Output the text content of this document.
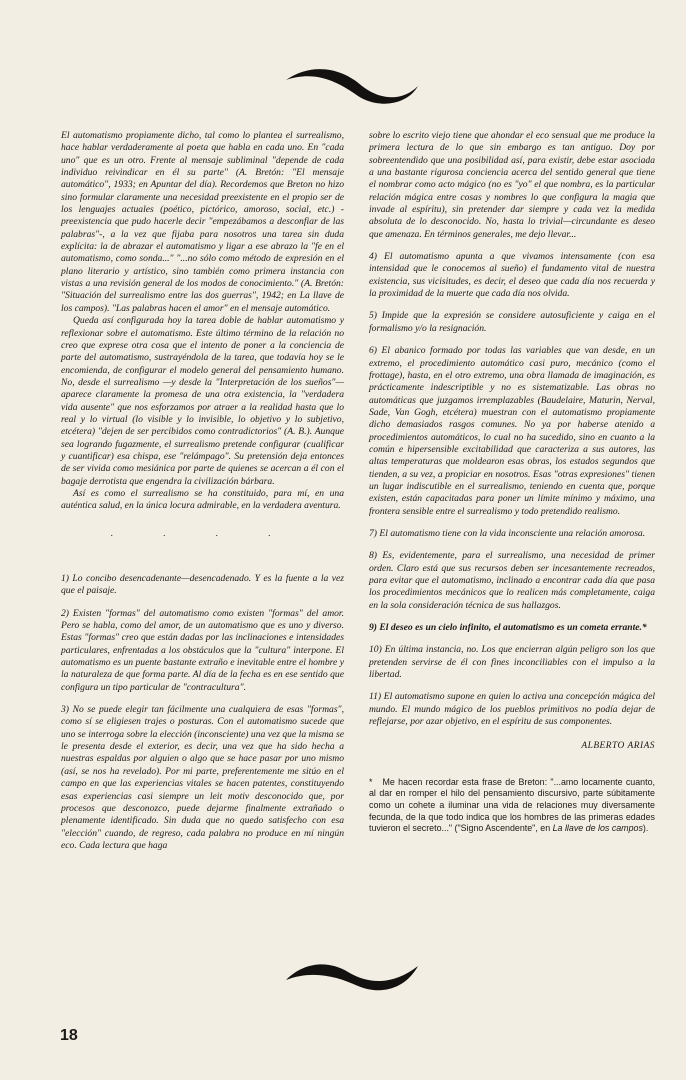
El automatismo propiamente dicho, tal como lo plantea el surrealismo, hace hablar verdaderamente al poeta que habla en cada uno. En "cada uno" que es un otro. Frente al mensaje subliminal "depende de cada individuo reivindicar en él su parte" (A. Bretón: "El mensaje automático", 1933; en Apuntar del día). Recordemos que Breton no hizo sino formular claramente una necesidad preexistente en el propio ser de los lenguajes actuales (poético, pictórico, amoroso, social, etc.) -preexistencia que pudo hacerle decir "empezábamos a desconfiar de las palabras"-, a la vez que fijaba para nosotros una tarea sin duda explícita: la de abrazar el automatismo y ligar a ese abrazo la "fe en el automatismo, como sonda..." "...no sólo como método de expresión en el plano literario y artístico, sino también como primera instancia con vistas a una revisión general de los modos de conocimiento." (A. Bretón: "Situación del surrealismo entre las dos guerras", 1942; en La llave de los campos). "Las palabras hacen el amor" en el mensaje automático.

Queda así configurada hoy la tarea doble de hablar automatismo y reflexionar sobre el automatismo. Este último término de la relación no creo que exprese otra cosa que el intento de poner a la conciencia de parte del automatismo, sustrayéndola de la tarea, que todavía hoy se le encomienda, de configurar el modelo general del pensamiento humano. No, desde el surrealismo —y desde la "Interpretación de los sueños"— aparece claramente la promesa de una otra existencia, la "verdadera vida ausente" que nos esforzamos por atraer a la realidad hasta que lo real y lo virtual (lo visible y lo invisible, lo objetivo y lo subjetivo, etcétera) "dejen de ser percibidos como contradictorios" (A. B.). Aunque sea logrando fugazmente, el surrealismo pretende configurar (cualificar y cuantificar) esa chispa, ese "relámpago". Su pretensión deja entonces de ser vivida como mesiánica por parte de quienes se acercan a él con el bagaje derrotista que engendra la civilización bárbara.

Así es como el surrealismo se ha constituido, para mí, en una auténtica salud, en la única locura admirable, en la verdadera aventura.

. . . .

1) Lo concibo desencadenante—desencadenado. Y es la fuente a la vez que el paisaje.

2) Existen "formas" del automatismo como existen "formas" del amor. Pero se habla, como del amor, de un automatismo que es uno y diverso. Estas "formas" creo que están dadas por las inclinaciones e intensidades particulares, enfrentadas a los obstáculos que la "cultura" interpone. El automatismo es un puente bastante extraño e inevitable entre el hombre y la naturaleza de que forma parte. Al día de la fecha es en ese sentido que configura un tipo particular de "contracultura".

3) No se puede elegir tan fácilmente una cualquiera de esas "formas", como sí se eligiesen trajes o posturas. Con el automatismo sucede que uno se interroga sobre la elección (inconsciente) una vez que la misma se le presenta desde el exterior, es decir, una vez que ha sido hecha a nuestras espaldas por alguien o algo que se hace pasar por uno mismo (así, se nos ha revelado). Por mi parte, preferentemente me sitúo en el campo en que las experiencias vitales se hacen patentes, constituyendo esas experiencias casi siempre un leit motiv desconocido que, por procesos que desconozco, puede dejarme finalmente extrañado o plenamente identificado. Sin duda que no quedo satisfecho con esa "elección" cuando, de regreso, cada palabra no produce en mí ningún eco. Cada lectura que haga

sobre lo escrito viejo tiene que ahondar el eco sensual que me produce la primera lectura de lo que sin embargo es tan antiguo. Doy por sobreentendido que una posibilidad así, para existir, debe estar asociada a una bastante rigurosa conciencia acerca del sentido general que tiene el nombrar como acto mágico (no es "yo" el que nombra, es la particular relación mágica entre cosas y nombres lo que configura la magia que invade al espíritu), sin pretender dar siempre y cada vez la medida absoluta de lo desconocido. No, hasta lo trivial—circundante es deseo que amenaza. En términos generales, me dejo llevar...

4) El automatismo apunta a que vivamos intensamente (con esa intensidad que le conocemos al sueño) el fundamento vital de nuestra existencia, sus vicisitudes, es decir, el deseo que cada día nos recuerda y la proximidad de la muerte que cada día nos olvida.

5) Impide que la expresión se considere autosuficiente y caiga en el formalismo y/o la resignación.

6) El abanico formado por todas las variables que van desde, en un extremo, el procedimiento automático casi puro, mecánico (como el frottage), hasta, en el otro extremo, una obra llamada de imaginación, es prácticamente indescriptible y no es sistematizable. Las obras no automáticas que juzgamos irremplazables (Baudelaire, Maturin, Nerval, Sade, Van Gogh, etcétera) muestran con el automatismo propiamente dicho demasiados rasgos comunes. No ya por haberse atenido a procedimientos automáticos, lo cual no ha sucedido, sino en cuanto a la común e hipersensible excitabilidad que caracteriza a sus autores, las altas temperaturas que moldearon esas obras, los estados segundos que tienden, a su vez, a propiciar en nosotros. Esas "otras expresiones" tienen un lugar indiscutible en el surrealismo, teniendo en cuenta que, porque existen, están capacitadas para poner un límite mínimo y máximo, una frontera sensible entre el surrealismo y todo pretendido realismo.

7) El automatismo tiene con la vida inconsciente una relación amorosa.

8) Es, evidentemente, para el surrealismo, una necesidad de primer orden. Claro está que sus recursos deben ser incesantemente recreados, para evitar que el automatismo, inclinado a encontrar cada día que pasa los procedimientos mecánicos que lo realicen más completamente, caiga en la sola consideración técnica de sus hallazgos.

9) El deseo es un cielo infinito, el automatismo es un cometa errante.*

10) En última instancia, no. Los que encierran algún peligro son los que pretenden servirse de él con fines inconciliables con el impulso a la libertad.

11) El automatismo supone en quien lo activa una concepción mágica del mundo. El mundo mágico de los pueblos primitivos no podía dejar de reflejarse, por azar objetivo, en el espíritu de sus componentes.

ALBERTO ARIAS
* Me hacen recordar esta frase de Breton: "...amo locamente cuanto, al dar en romper el hilo del pensamiento discursivo, parte súbitamente como un cohete a iluminar una vida de relaciones muy diversamente fecunda, de la que todo indica que los hombres de las primeras edades tuvieron el secreto..." ("Signo Ascendente", en La llave de los campos).
18
